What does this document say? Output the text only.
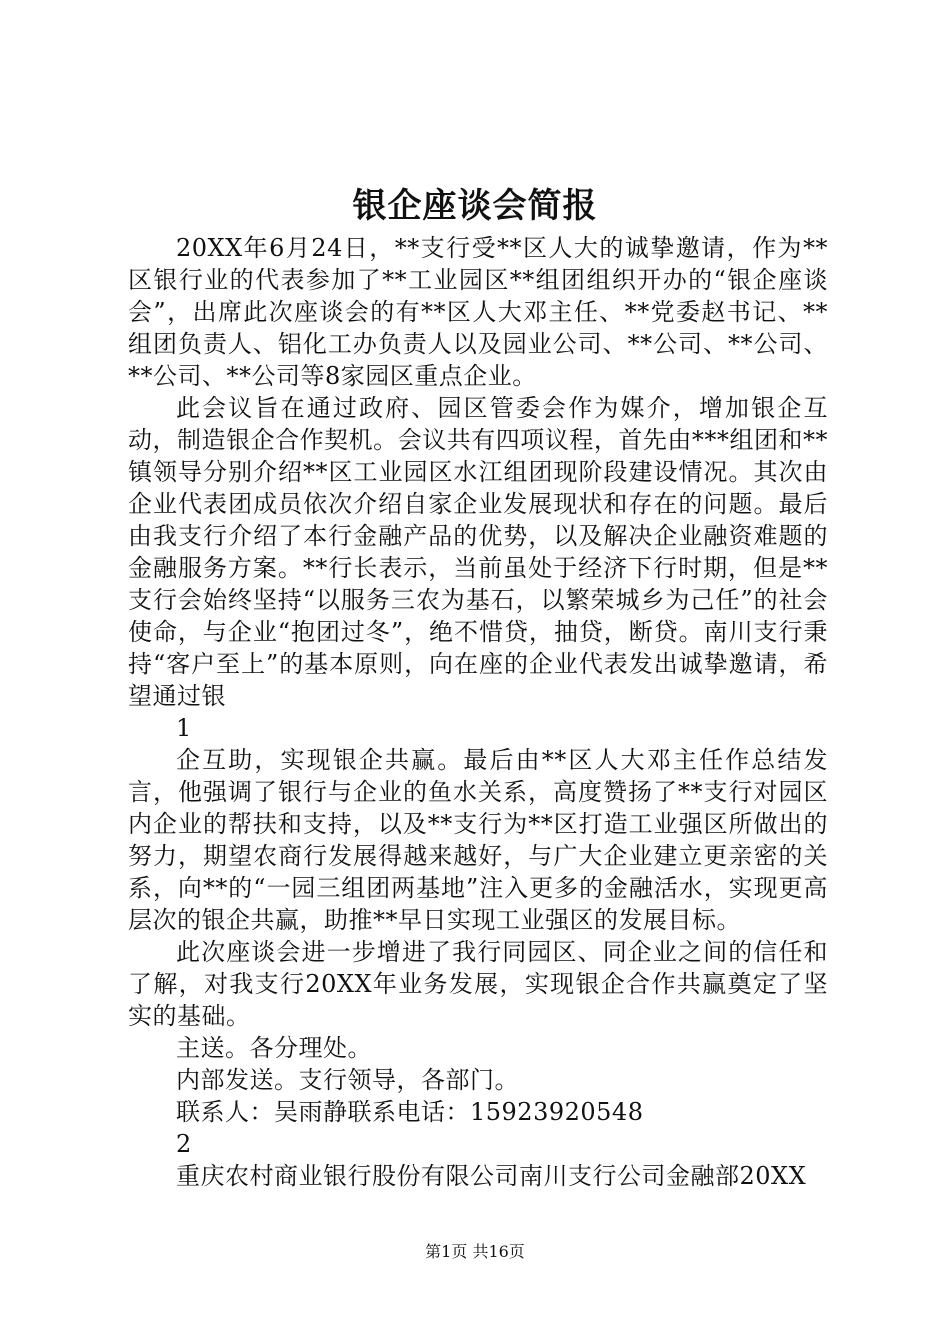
银企座谈会简报

20XX年6月24日，**支行受**区人大的诚挚邀请，作为**区银行业的代表参加了**工业园区**组团组织开办的“银企座谈会”，出席此次座谈会的有**区人大邓主任、**党委赵书记、**组团负责人、铝化工办负责人以及园业公司、**公司、**公司、**公司、**公司等8家园区重点企业。

此会议旨在通过政府、园区管委会作为媒介，增加银企互动，制造银企合作契机。会议共有四项议程，首先由***组团和**镇领导分别介绍**区工业园区水江组团现阶段建设情况。其次由企业代表团成员依次介绍自家企业发展现状和存在的问题。最后由我支行介绍了本行金融产品的优势，以及解决企业融资难题的金融服务方案。**行长表示，当前虽处于经济下行时期，但是**支行会始终坚持“以服务三农为基石，以繁荣城乡为己任”的社会使命，与企业“抱团过冬”，绝不惜贷，抽贷，断贷。南川支行秉持“客户至上”的基本原则，向在座的企业代表发出诚挚邀请，希望通过银

1

企互助，实现银企共赢。最后由**区人大邓主任作总结发言，他强调了银行与企业的鱼水关系，高度赞扬了**支行对园区内企业的帮扶和支持，以及**支行为**区打造工业强区所做出的努力，期望农商行发展得越来越好，与广大企业建立更亲密的关系，向**的“一园三组团两基地”注入更多的金融活水，实现更高层次的银企共赢，助推**早日实现工业强区的发展目标。

此次座谈会进一步增进了我行同园区、同企业之间的信任和了解，对我支行20XX年业务发展，实现银企合作共赢奠定了坚实的基础。

主送。各分理处。

内部发送。支行领导，各部门。

联系人：吴雨静联系电话：15923920548

2

重庆农村商业银行股份有限公司南川支行公司金融部20XX

第1页 共16页
